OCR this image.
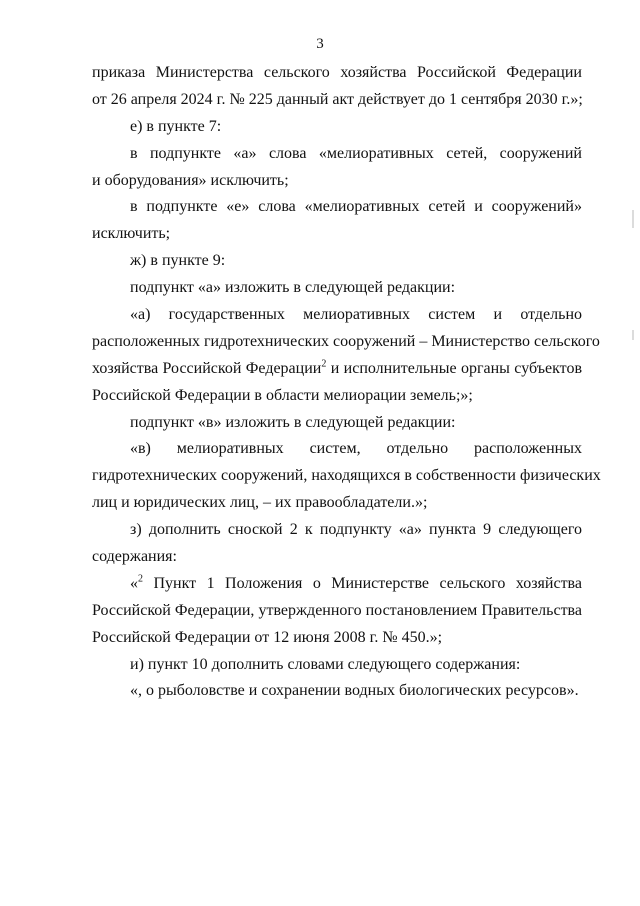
3
приказа Министерства сельского хозяйства Российской Федерации
от 26 апреля 2024 г. № 225 данный акт действует до 1 сентября 2030 г.»;
е) в пункте 7:
в подпункте «а» слова «мелиоративных сетей, сооружений
и оборудования» исключить;
в подпункте «е» слова «мелиоративных сетей и сооружений»
исключить;
ж) в пункте 9:
подпункт «а» изложить в следующей редакции:
«а) государственных мелиоративных систем и отдельно
расположенных гидротехнических сооружений – Министерство сельского
хозяйства Российской Федерации$^2$ и исполнительные органы субъектов
Российской Федерации в области мелиорации земель;»;
подпункт «в» изложить в следующей редакции:
«в) мелиоративных систем, отдельно расположенных
гидротехнических сооружений, находящихся в собственности физических
лиц и юридических лиц, – их правообладатели.»;
з) дополнить сноской 2 к подпункту «а» пункта 9 следующего
содержания:
«$^2$ Пункт 1 Положения о Министерстве сельского хозяйства
Российской Федерации, утвержденного постановлением Правительства
Российской Федерации от 12 июня 2008 г. № 450.»;
и) пункт 10 дополнить словами следующего содержания:
«, о рыболовстве и сохранении водных биологических ресурсов».
